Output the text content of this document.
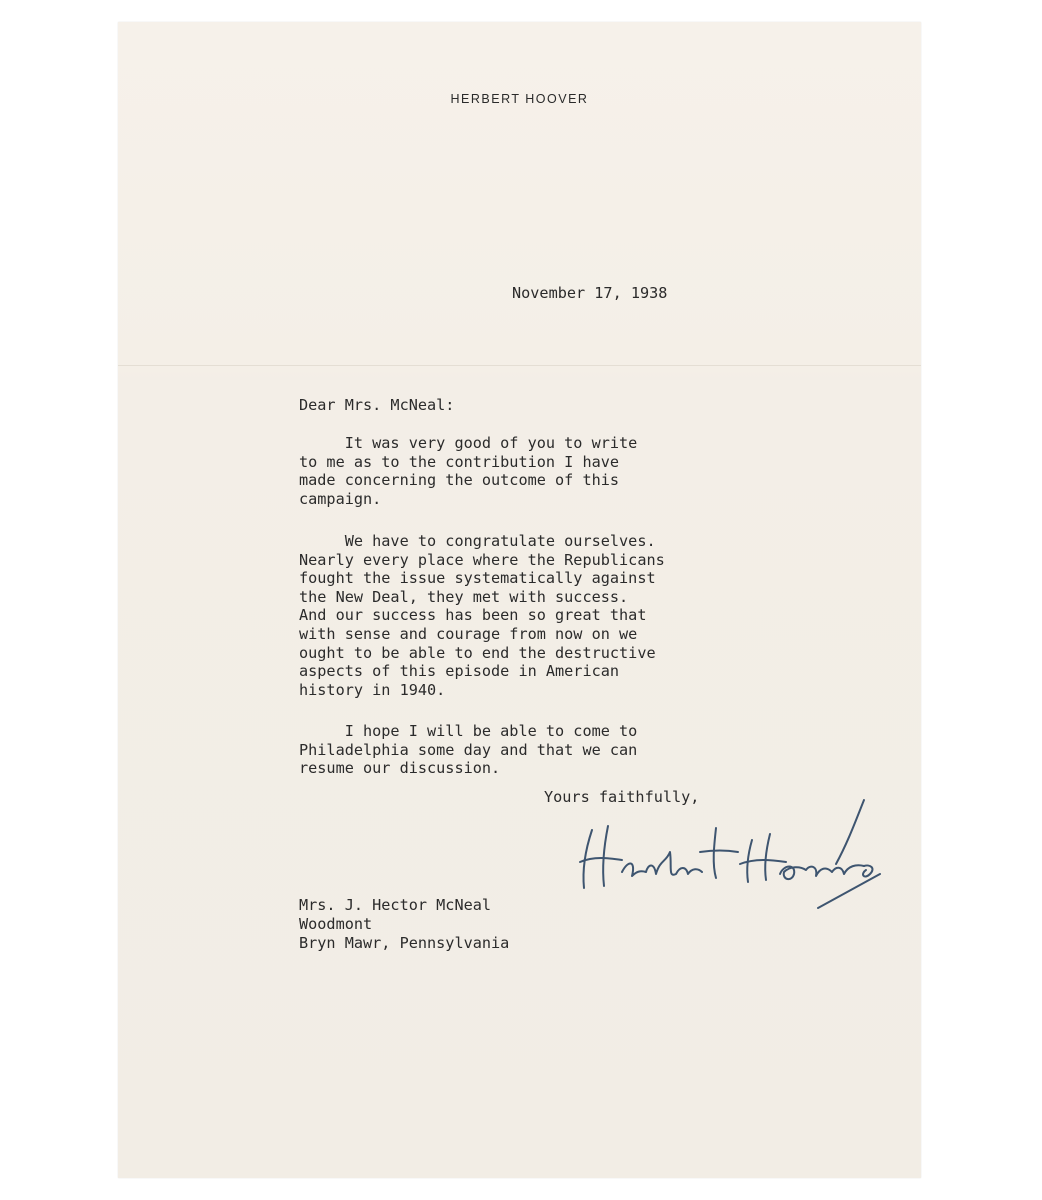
HERBERT HOOVER
November 17, 1938
Dear Mrs. McNeal:
It was very good of you to write
to me as to the contribution I have
made concerning the outcome of this
campaign.
We have to congratulate ourselves.
Nearly every place where the Republicans
fought the issue systematically against
the New Deal, they met with success.
And our success has been so great that
with sense and courage from now on we
ought to be able to end the destructive
aspects of this episode in American
history in 1940.
I hope I will be able to come to
Philadelphia some day and that we can
resume our discussion.
Yours faithfully,
Mrs. J. Hector McNeal
Woodmont
Bryn Mawr, Pennsylvania
